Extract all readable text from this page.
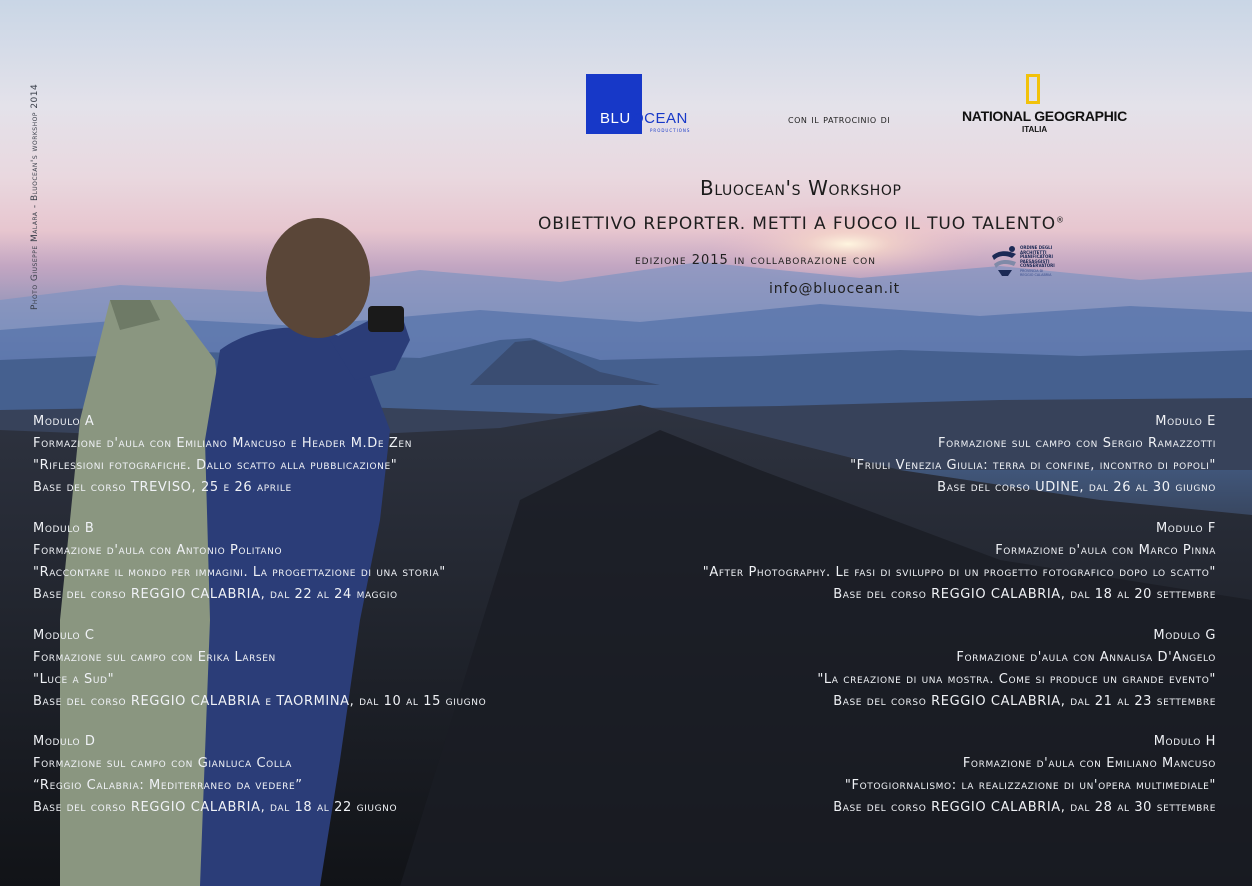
Photo Giuseppe Malara - Bluocean's workshop 2014	BLU OCEAN
PRODUCTIONS
con il patrocinio di	NATIONAL GEOGRAPHIC
ITALIA
Bluocean's Workshop
OBIETTIVO REPORTER. METTI A FUOCO IL TUO TALENTO®
edizione 2015 in collaborazione con
info@bluocean.it
ORDINE DEGLI
ARCHITETTI
PIANIFICATORI
PAESAGGISTI
CONSERVATORI
PROVINCIA DI
REGGIO CALABRIA
Modulo A
Formazione d'aula con Emiliano Mancuso e Header M.De Zen
"Riflessioni fotografiche. Dallo scatto alla pubblicazione"
Base del corso TREVISO, 25 e 26 aprile
Modulo B
Formazione d'aula con Antonio Politano
"Raccontare il mondo per immagini. La progettazione di una storia"
Base del corso REGGIO CALABRIA, dal 22 al 24 maggio
Modulo C
Formazione sul campo con Erika Larsen
"Luce a Sud"
Base del corso REGGIO CALABRIA e TAORMINA, dal 10 al 15 giugno
Modulo D
Formazione sul campo con Gianluca Colla
“Reggio Calabria: Mediterraneo da vedere”
Base del corso REGGIO CALABRIA, dal 18 al 22 giugno
Modulo E
Formazione sul campo con Sergio Ramazzotti
"Friuli Venezia Giulia: terra di confine, incontro di popoli"
Base del corso UDINE, dal 26 al 30 giugno
Modulo F
Formazione d'aula con Marco Pinna
"After Photography. Le fasi di sviluppo di un progetto fotografico dopo lo scatto"
Base del corso REGGIO CALABRIA, dal 18 al 20 settembre
Modulo G
Formazione d'aula con Annalisa D'Angelo
"La creazione di una mostra. Come si produce un grande evento"
Base del corso REGGIO CALABRIA, dal 21 al 23 settembre
Modulo H
Formazione d'aula con Emiliano Mancuso
"Fotogiornalismo: la realizzazione di un'opera multimediale"
Base del corso REGGIO CALABRIA, dal 28 al 30 settembre
